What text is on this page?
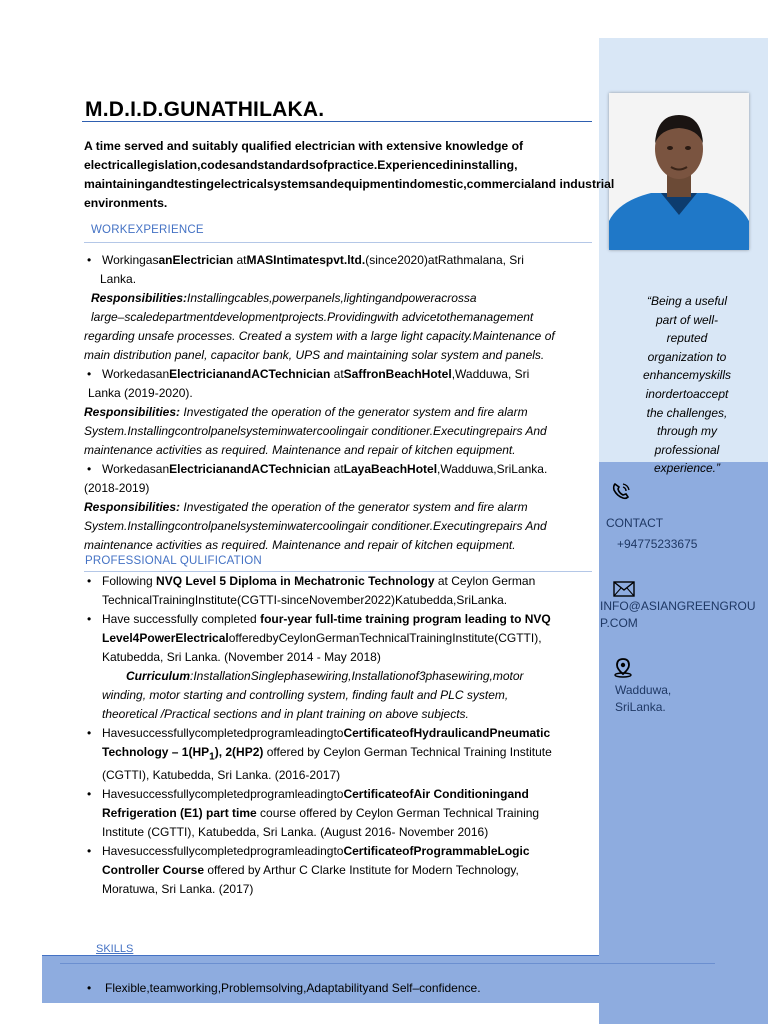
M.D.I.D.GUNATHILAKA.
A time served and suitably qualified electrician with extensive knowledge of
electricallegislation,codesandstandardsofpractice.Experiencedininstalling,
maintainingandtestingelectricalsystemsandequipmentindomestic,commercialand industrial
environments.
WORKEXPERIENCE
• WorkingasanElectrician atMASIntimatespvt.ltd.(since2020)atRathmalana, Sri
Lanka.
Responsibilities:Installingcables,powerpanels,lightingandpoweracrossa
large–scaledepartmentdevelopmentprojects.Providingwith advicetothemanagement
regarding unsafe processes. Created a system with a large light capacity.Maintenance of
main distribution panel, capacitor bank, UPS and maintaining solar system and panels.
• WorkedasanElectricianandACTechnician atSaffronBeachHotel,Wadduwa, Sri
Lanka (2019-2020).
Responsibilities: Investigated the operation of the generator system and fire alarm
System.Installingcontrolpanelsysteminwatercoolingair conditioner.Executingrepairs And
maintenance activities as required. Maintenance and repair of kitchen equipment.
• WorkedasanElectricianandACTechnician atLayaBeachHotel,Wadduwa,SriLanka.
(2018-2019)
Responsibilities: Investigated the operation of the generator system and fire alarm
System.Installingcontrolpanelsysteminwatercoolingair conditioner.Executingrepairs And
maintenance activities as required. Maintenance and repair of kitchen equipment.
PROFESSIONAL QULIFICATION
• Following NVQ Level 5 Diploma in Mechatronic Technology at Ceylon German
TechnicalTrainingInstitute(CGTTI-sinceNovember2022)Katubedda,SriLanka.
• Have successfully completed four-year full-time training program leading to NVQ
Level4PowerElectricalofferedbyCeylonGermanTechnicalTrainingInstitute(CGTTI),
Katubedda, Sri Lanka. (November 2014 - May 2018)
Curriculum:InstallationSinglephasewiring,Installationof3phasewiring,motor
winding, motor starting and controlling system, finding fault and PLC system,
theoretical /Practical sections and in plant training on above subjects.
• HavesuccessfullycompletedprogramleadingtoCertificateofHydraulicandPneumatic
Technology – $1(HP_1)$, 2(HP2) offered by Ceylon German Technical Training Institute
(CGTTI), Katubedda, Sri Lanka. (2016-2017)
• HavesuccessfullycompletedprogramleadingtoCertificateofAir Conditioningand
Refrigeration (E1) part time course offered by Ceylon German Technical Training
Institute (CGTTI), Katubedda, Sri Lanka. (August 2016- November 2016)
• HavesuccessfullycompletedprogramleadingtoCertificateofProgrammableLogic
Controller Course offered by Arthur C Clarke Institute for Modern Technology,
Moratuwa, Sri Lanka. (2017)
“Being a useful
part of well-
reputed
organization to
enhancemyskills
inordertoaccept
the challenges,
through my
professional
experience.”
CONTACT
+94775233675
INFO@ASIANGREENGROU
P.COM
Wadduwa,
SriLanka.
SKILLS
• Flexible,teamworking,Problemsolving,Adaptabilityand Self–confidence.
